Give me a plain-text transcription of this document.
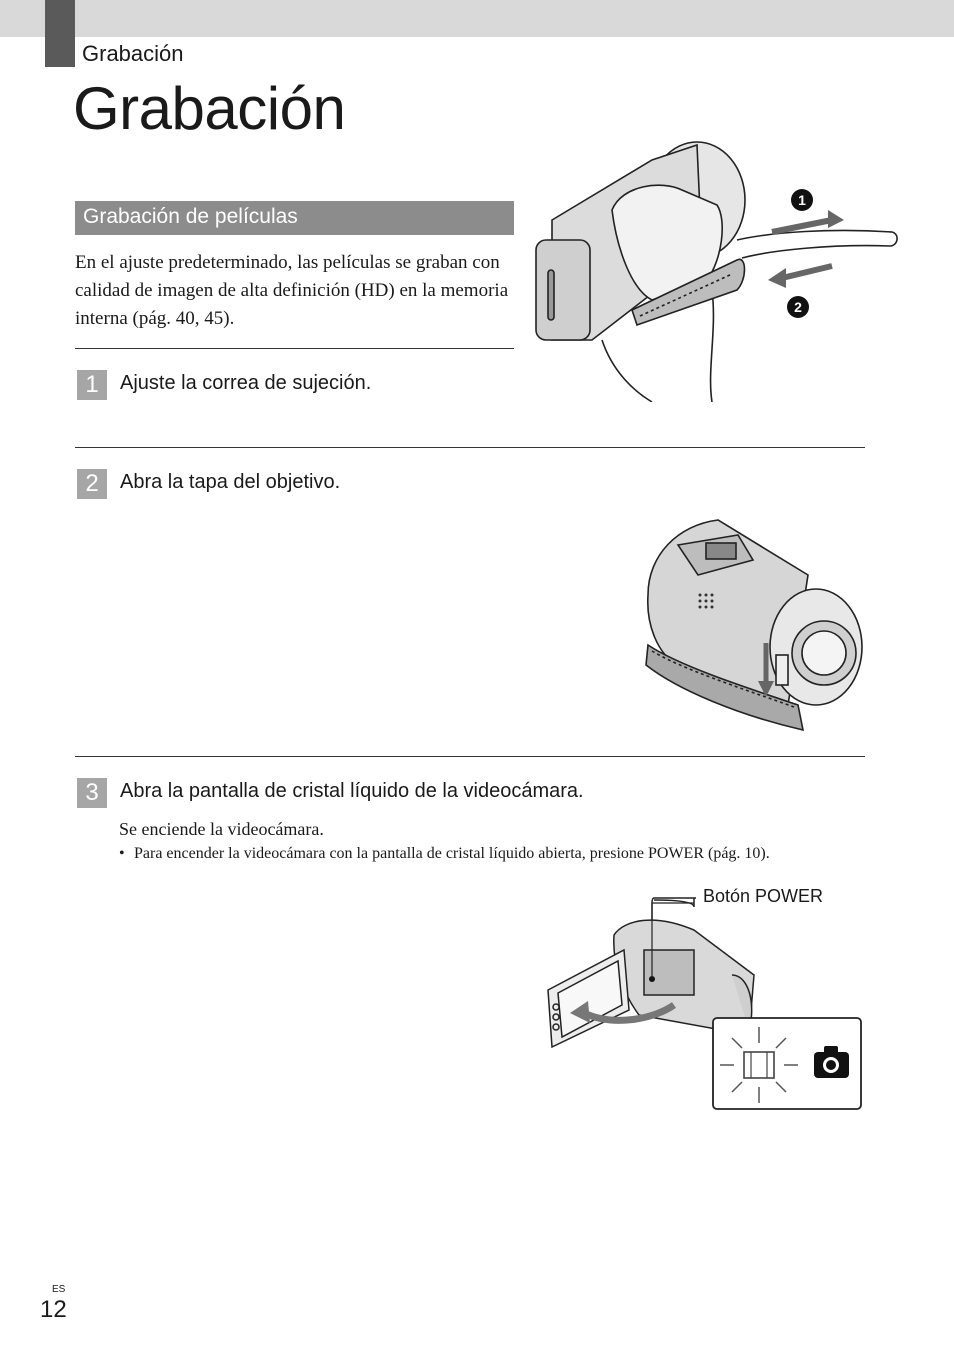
Grabación
Grabación
Grabación de películas
En el ajuste predeterminado, las películas se graban con calidad de imagen de alta definición (HD) en la memoria interna (pág. 40, 45).
1	Ajuste la correa de sujeción.
1
2
2	Abra la tapa del objetivo.
3	Abra la pantalla de cristal líquido de la videocámara.
Se enciende la videocámara.
• Para encender la videocámara con la pantalla de cristal líquido abierta, presione POWER (pág. 10).
Botón POWER
ES
12
